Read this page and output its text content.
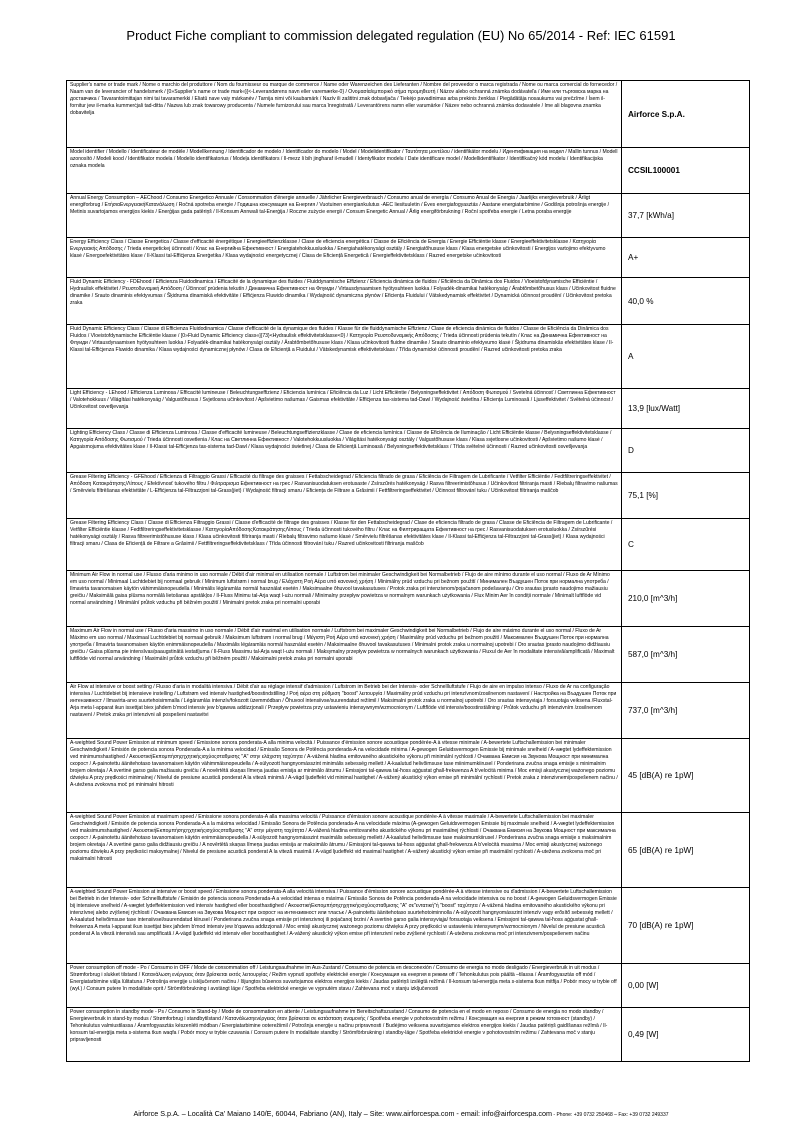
Product Fiche compliant to commission delegated regulation (EU) No 65/2014 - Ref: IEC 61591
Supplier's name or trade mark / Nome o marchio del produttore / Nom du fournisseur ou marque de commerce / Name oder Warenzeichen des Lieferanten / Nombre del proveedor o marca registrada / Nome ou marca comercial do fornecedor / Naam van de leverancier of handelsmerk / [0»Supplier's name or trade mark«]{<-Leverandørens navn eller varemærke-0} / Ονομασία/εμπορικό σήμα προμηθευτή / Názov alebo ochranná známka dodávateľa / Име или търговска марка на доставчика / Tavarantoimittajan nimi tai tavaramerkki / Eliatū nave vaiy márkanév / Tarnija nimi või kaubamärk / Nazív ili zaštitni znak dobavljača / Tiekėjo pavadinimas arba prekinis ženklas / Piegādātāja nosaukums vai prečzīme / Ísem il-fornitur jew il-marka kummerċjali tad-ditta / Nazwa lub znak towarowy producenta / Numele furnizorului sau marca înregistrată / Leverantörens namn eller varumärke / Název nebo ochranná známka dodavatele / Ime ali blagovna znamka dobavitelja	Airforce S.p.A.
Model identifier / Modello / Identificateur de modèle / Modellkennung / Identificador de modelo / Identificador do modelo / Model / Modelidentifikator / Ταυτότητα μοντέλου / identifikátor modelu / Идентификация на модел / Mallin tunnus / Modell azonosító / Modeli kood / Identifikator modela / Modelio identifikatorius / Modeļa identifikators / Il-mezz li bih jingħaraf il-mudell / Identyfikator modelu / Date identificare model / Modellidentifikator / Identifikačný kód modelu / Identifikacijska oznaka modela	CCSIL100001
Annual Energy Consumption – AEChood / Consumo Energetico Annuale / Consommation d'énergie annuelle / Jährlicher Energieverbrauch / Consumo anual de energía / Consumo Anual de Energia / Jaarlijks energieverbruik / Årligt energiforbrug / ΕτήσιαΕνεργειακήΚατανάλωση / Ročná spotreba energie / Годишна консумация на Енергия / Vuotuinen energiankulutus -AEC liesituuletin / Éves energiafogyasztás / Aastane energiatarbimine / Godišnja potrošnja energije / Metinis suvartojamos energijos kiekis / Enerģijas gada patēriņš / Il-Konsum Annwali tal-Enerġija / Roczne zużycie energii / Consum Energetic Annual / Årlig energiförbrukning / Roční spotřeba energie / Letna poraba energije	37,7 [kWh/a]
Energy Efficiency Class / Classe Energetica / Classe d'efficacité énergétique / Energieeffizienzklasse / Clase de eficiencia energética / Classe de Eficiência de Energia / Energie Efficiëntie klasse / Energieeffektivitetsklasse / Κατηγορία Ενεργειακής Απόδοσης / Trieda energetickej účinnosti / Клас на Енергийна Ефективност / Energiatehokkuusluokka / Energiahatékonysági osztály / Energiatõhususe klass / Klasa energetske učinkovitosti / Energijos vartojimo efektyvumo klasė / Energoefektivitātes klase / Il-Klassi tal-Effiċjenza Enerġetika / Klasa wydajności energetycznej / Clasa de Eficiență Energetică / Energieffektivitetsklass / Razred energetske učinkovitosti	A+
Fluid Dynamic Efficiency - FDEhood / Efficienza Fluidodinamica / Efficacité de la dynamique des fluides / Fluiddynamische Effizienz / Eficiencia dinámica de fluidos / Eficiência da Dinâmica dos Fluidos / Vloeistofdynamische Efficiëntie / Hydraulisk effektivitet / Ρευστοδυναμική Απόδοση / Účinnosť prúdenia tekutín / Динамична Ефективност на Флуиди / Virtausdynaamisen hyötysuhteen luokka / Folyadék-dinamikai hatékonyság / Ärabtõmbetõhusus klass / Učinkovitost fluidne dinamike / Srauto dinaminis efektyvumas / Šķidruma dinamiskā efektivitāte / Effiċjenza Fluwido dinamika / Wydajność dynamiczna płynów / Eficiența Fluidului / Vätskedynamisk effektivitet / Dynamická účinnost proudění / Učinkovitost pretoka zraka	40,0 %
Fluid Dynamic Efficiency Class / Classe di Efficienza Fluidodinamica / Classe d'efficacité de la dynamique des fluides / Klasse für die fluiddynamische Effizienz / Clase de eficiencia dinámica de fluidos / Classe de Eficiência da Dinâmica dos Fluidos / Vloeistofdynamische Efficiëntie klasse / [0»Fluid Dynamic Efficiency class«]{73}<Hydraulisk effektivitetsklasse<0} / Κατηγορία Ρευστοδυναμικής Απόδοσης / Trieda účinnosti prúdenia tekutín / Клас на Динамична Ефективност на Флуиди / Virtausdynaamisen hyötysuhteen luokka / Folyadék-dinamikai hatékonysági osztály / Ärabtõmbetõhususe klass / Klasa učinkovitosti fluidne dinamike / Srauto dinaminio efektyvumo klasė / Šķidruma dinamiskās efektivitātes klase / Il-Klassi tal-Effiċjenza Fluwido dinamika / Klasa wydajności dynamicznej płynów / Clasa de Eficiență a Fluidului / Vätskedynamisk effektivitetsklass / Třída dynamické účinnosti proudění / Razred učinkovitosti pretoka zraka	A
Light Efficiency - LEhood / Efficienza Luminosa / Efficacité lumineuse / Beleuchtungseffizienz / Eficiencia lumínica / Eficiência da Luz / Licht Efficiëntie / Belysningseffektivitet / Απόδοση Φωτισμού / Svetelná účinnosť / Светлинна Ефективност / Valotehokkuus / Világítási hatékonyság / Valgustõhusus / Svjetlosna učinkovitost / Apšvietimo našumas / Gaismas efektivitāte / Effiċjenza tas-sistema tad-Dawl / Wydajność świetlna / Eficiența Luminoasă / Ljuseffektivitet / Světelná účinnost / Učinkovitost osvetljevanja	13,9 [lux/Watt]
Lighting Efficiency Class / Classe di Efficienza Luminosa / Classe d'efficacité lumineuse / Beleuchtungseffizienzklasse / Clase de eficiencia lumínica / Classe de Eficiência de Iluminação / Licht Efficiëntie klasse / Belysningseffektivitetsklasse / Κατηγορία Απόδοσης Φωτισμού / Trieda účinnosti osvetlenia / Клас на Светлинна Ефективност / Valotehokkuusluokka / Világítási hatékonysági osztály / Valgustõhususe klass / Klasa svjetlosne učinkovitosti / Apšvietimo našumo klasė / Apgaismojuma efektivitātes klase / Il-Klassi tal-Effiċjenza tas-sistema tad-Dawl / Klasa wydajności świetlnej / Clasa de Eficiență Luminoasă / Belysningseffektivitetsklass / Třída světelné účinnosti / Razred učinkovitosti osvetljevanja	D
Grease Filtering Efficiency - GFEhood / Efficienza di Filtraggio Grassi / Efficacité du filtrage des graisses / Fettabscheidegrad / Eficiencia filtrado de grasa / Eficiência de Filtragem de Lubrificante / Vetfilter Efficiëntie / Fedtfiltreringseffektivitet / Απόδοση Κατακράτησης/Λίπους / Efektívnosť tukového filtru / Φιλτραρισμα Ефективност на грес / Rasvanisuodatuksen erotusaste / Zsírszűrés hatékonyság / Rasva filtreerimistõhusus / Učinkovitost filtriranja masti / Riebalų filtravimo našumas / Smērvielu filtrēšanas efektivitāte / L-Effiċjenza tal-Filtrazzjoni tal-Grass(jiet) / Wydajność filtracji smaru / Eficiența de Filtrare a Grăsimii / Fettfiltreringseffektivitet / Účinnost filtrování tuku / Učinkovitost filtriranja maščob	75,1 [%]
Grease Filtering Efficiency Class / Classe di Efficienza Filtraggio Grassi / Classe d'efficacité de filtrage des graisses / Klasse für den Fettabscheidegrad / Clase de eficiencia filtrado de grasa / Classe de Eficiência de Filtragem de Lubrificante / Vetfilter Efficiëntie klasse / Fedtfiltreringseffektivitetsklasse / ΚατηγορίαΑπόδοσηςΚατακράτησηςΛίπους / Trieda účinnosti tukového filtru / Клас на Филтриращата Ефективност на грес / Rasvanisuodatuksen erotusluokka / Zsírszűrési hatékonysági osztály / Rasva filtreerimistõhususe klass / Klasa učinkovitosti filtriranja masti / Riebalų filtravimo našumo klasė / Smērvielu filtrēšanas efektivitātes klase / Il-Klassi tal-Effiċjenza tal-Filtrazzjoni tal-Grass(jiet) / Klasa wydajności filtracji smaru / Clasa de Eficiență de Filtrare a Grăsimii / Fettfiltreringseffektivitetsklass / Třída účinnosti filtrování tuku / Razred učinkovitosti filtriranja maščob	C
Minimum Air Flow in normal use / Flusso d'aria minimo in uso normale / Débit d'air minimal en utilisation normale / Luftstrom bei minimaler Geschwindigkeit bei Normalbetrieb / Flujo de aire mínimo durante el uso normal / Fluxo de Ar Mínimo em uso normal / Minimaal Luchtdebiet bij normaal gebruik / Minimum luftstrøm i normal brug / Ελάχιστη Ροή Αέρα υπό κανονική χρήση / Minimálny prúd vzduchu pri bežnom použití / Минимален Въздушен Поток при нормална употреба / Ilmavirta tavanomaisen käytön vähimmäisnopeudella / Minimális légáramlás normál használat esetén / Maksimaalne õhuvool tavakasutuses / Protok zraka pri intenzivnom/pojačanom podešavanju / Oro srautas įprasto naudojimo mažiausiu greičiu / Maksimālā gaisa plūsma normālā lietošanas apstākļos / Il-Fluss Minimu tal-Arja waqt l-użu normali / Minimalny przepływ powietrza w normalnym warunkach użytkowania / Flux Minim Aer în condiții normale / Minimalt luftflöde vid normal användning / Minimální průtok vzduchu při běžném použití / Minimalni pretok zraka pri normalni uporabi	210,0 [m^3/h]
Maximum Air Flow in normal use / Flusso d'aria massimo in uso normale / Débit d'air maximal en utilisation normale / Luftstrom bei maximaler Geschwindigkeit bei Normalbetrieb / Flujo de aire máximo durante el uso normal / Fluxo de Ar Máximo em uso normal / Maximaal Luchtdebiet bij normaal gebruik / Maksimum luftstrøm i normal brug / Μέγιστη Ροή Αέρα υπό κανονική χρήση / Maximálny prúd vzduchu pri bežnom použití / Максимален Въздушен Поток при нормална употреба / Ilmavirta tavanomaisen käytön enimmäisnopeudella / Maximális légáramlás normál használat esetén / Maksimaalne õhuvool tavakasutuses / Minimalni protok zraka u normalnoj upotrebi / Oro srautas įprasto naudojimo didžiausiu greičiu / Gaisa plūsma pie intensīvas/paaugstinātā iestatījuma / Il-Fluss Massimu tal-Arja waqt l-użu normali / Maksymalny przepływ powietrza w normalnych warunkach użytkowania / Fluxul de Aer în modalitate intensivă/amplificată / Maximalt luftflöde vid normal användning / Maximální průtok vzduchu při běžném použití / Maksimalni pretok zraka pri normalni uporabi	587,0 [m^3/h]
Air Flow at intensive or boost setting / Flusso d'aria in modalità intensiva / Débit d'air au réglage intensif d'admission / Luftstrom im Betrieb bei der Intensiv- oder Schnellluftstufe / Flujo de aire en impulso intenso / Fluxo de Ar na configuração intensiva / Luchtdebiet bij intensieve instelling / Luftstrøm ved intensiv hastighed/boostindstilling / Ροή αέρα στη ρύθμιση "boost" λειτουργία / Maximálny prúd vzduchu pri intenzívnom/zosilnenom nastavení / Настройка на Въздушен Поток при интензивност / Ilmavirta-arvo suurtehoisimmalla / Légáramlás intenzív/fokozott üzemmódban / Õhuvool intensiivse/suurendatud režiimil / Maksimalni protok zraka u normalnoj upotrebi / Oro srautas intensyviąja / forsuotąja veiksena /Fluxstal-Arja meta l-apparat ikun issettjat biex jaħdem b'mod intensiv jew b'qawwa addizzjonali / Przepływ powietrza przy ustawieniu intensywnym/wzmocnionym / Luftflöde vid intensiv/boostinställning / Průtok vzduchu při intenzivním /zosilnenom nastavení / Pretok zraka pri intenzivni ali pospešeni nastavitvi	737,0 [m^3/h]
A-weighted Sound Power Emission at minimum speed / Emissione sonora ponderata-A alla minima velocità / Puissance d'émission sonore acoustique pondérée-A à vitesse minimale / A-bewertete Luftschallemission bei minimaler Geschwindigkeit / Emisión de potencia sonora Ponderada-A a la mínima velocidad / Emissão Sonora de Potência ponderada-A na velocidade mínima / A-gewogen Geluidsvermogen Emissie bij minimale snelheid / A-vægtet lydeffektemission ved minimumshastighed / ΑκουστικήΕκπομπήσηςηχητικήςισχύοςσταθμισης "A" στην ελάχιστη ταχύτητα / A-vážená hladina emitovaného akustického výkonu při minimální rychlosti / Очаквана Емисия на Звукова Мощност при минимална скорост / A-painotettu äänitehotaso tavanomaisen käytön vähimmäisnopeudella / A-súlyozott hangnyomásszint minimális sebesség mellett / A-kaalutud helivõimsuse tase miinimumkiirusel / Ponderirana zvučna snaga emisije s minimalnim brojem okretaja / A svertinė garso galia mažiausiu greičiu / A novērtētā skaņas līmeņa jaudas emisija ar minimālo ātrumu / Emissjoni tal-qawwa tal-ħoss aġġustat għall-frekwenza A b'veloċità minima / Moc emisji akustycznej ważonego poziomu dźwięku A przy prędkości minimalnej / Nivelul de presiune acustică ponderat A la viteză minimă / A-vägd ljudeffekt vid minimal hastighet / A-vážený akustický výkon emise při minimální rychlosti / Pretok zraka z intenzivnem/pospešenem načinu / A-utežena zvokovna moč pri minimalni hitrosti	45 [dB(A) re 1pW]
A-weighted Sound Power Emission at maximum speed / Emissione sonora ponderata-A alla massima velocità / Puissance d'émission sonore acoustique pondérée-A à vitesse maximale / A-bewertete Luftschallemission bei maximaler Geschwindigkeit / Emisión de potencia sonora Ponderada-A a la máxima velocidad / Emissão Sonora de Potência ponderada-A na velocidade máxima (A-gewogen Geluidsvermogen Emissie bij maximale snelheid / A-vægtet lydeffektemission ved maksimumshastighed / ΑκουστικήΕκπομπήσηςηχητικήςισχύοςσταθμισης "A" στην μέγιστη ταχύτητα / A-vážená hladina emitovaného akustického výkonu pri maximálnej rýchlosti / Очаквана Емисия на Звукова Мощност при максимална скорост / A-painotettu äänitehotaso tavanomaisen käytön enimmäisnopeudella / A-súlyozott hangnyomásszint maximális sebesség mellett / A-kaalutud helivõimsuse tase maksimumkiirusel / Ponderirana zvučna snaga emisije s maksimalnim brojem okretaja / A svertinė garso galia didžiausiu greičiu / A novērtētā skaņas līmeņa jaudas emisija ar maksimālo ātrumu / Emissjoni tal-qawwa tal-ħoss aġġustat għall-frekwenza A b'veloċità massima / Moc emisji akustycznej ważonego poziomu dźwięku A przy prędkości maksymalnej / Nivelul de presiune acustică ponderat A la viteză maximă / A-vägd ljudeffekt vid maximal hastighet / A-vážený akustický výkon emise při maximální rychlosti / A-utežena zvokovna moč pri maksimalni hitrosti	65 [dB(A) re 1pW]
A-weighted Sound Power Emission at intensive or boost speed / Emissione sonora ponderata-A alla velocità intensiva / Puissance d'émission sonore acoustique pondérée-A à vitesse intensive ou d'admission / A-bewertete Luftschallemission bei Betrieb in der Intensiv- oder Schnellluftstufe / Emisión de potencia sonora Ponderada-A a velocidad intensa o máxima / Emissão Sonora de Potência ponderada-A na velocidade intensiva ou no boost / A-gewogen Geluidsvermogen Emissie bij intensieve snelheid / A-vægtet lydeffektemission ved intensiv hastighed eller boosthastighed / ΑκουστικήΕκπομπήσηςηχητικήςισχύοςσταθμισης "A" σε"εντατική"ή "boost" ταχύτητα / A-vážená hladina emitovaného akustického výkonu pri intenzívnej alebo zvýšenej rýchlosti / Очаквана Емисия на Звукова Мощност при скорост на интензивност или тласък / A-painotettu äänitehotaso suurtehotoiminnolla / A-súlyozott hangnyomásszint intenzív vagy erősítő sebesség mellett / A-kaalutud helivõimsuse tase intensiivsel/suurendatud kiirusel / Ponderirana zvučna snaga emisije pri intenzivnoj ili pojačanoj brzini / A svertinė garso galia intensyviąja/ forsuotąja veiksena / Emissjoni tal-qawwa tal-ħoss aġġustat għall-frekwenza A meta l-apparat ikun issettjat biex jaħdem b'mod intensiv jew b'qawwa addizzjonali / Moc emisji akustycznej ważonego poziomu dźwięku A przy prędkości w ustawieniu intensywnym/wzmocnionym / Nivelul de presiune acustică ponderat A la viteză intensivă sau amplificată / A-vägd ljudeffekt vid intensiv eller boosthastighet / A-vážený akustický výkon emise při intenzivní nebo zvýšené rychlosti / A-utežena zvokovna moč pri intenzivnem/pospešenem načinu	70 [dB(A) re 1pW]
Power consumption off mode - Po / Consumo in OFF / Mode de consommation off / Leistungsaufnahme im Aus-Zustand / Consumo de potencia en desconexión / Consumo de energia no modo desligado / Energieverbruik in uit modus / Strømforbrug i slukket tilstand / Κατανάλωση ενέργειας όταν βρίσκεται εκτός λειτουργίας / Režim vypnutí spotřeby elektrické energie / Консумация на енергия в режим off / Tehonkulutus pois päältä –tilassa / Áramfogyasztás off mód / Energiatarbimine välja lülitatuna / Potrošnja energije u isključenom načinu / Išjungtos būsenos suvartojamos elektros energijos kiekis / Jaudas patēriņš izslēgtā režīmā / Il-konsum tal-enerġija meta s-sistema tkun mitfija / Pobór mocy w trybie off (wył.) / Consum putere în modalitate oprit / Strömförbrukning i avstängt läge / Spotřeba elektrické energie ve vypnutém stavu / Zahtevana moč v stanju izključenosti	0,00 [W]
Power consumption in standby mode - Ps / Consumo in Stand-by / Mode de consommation en attente / Leistungsaufnahme im Bereitschaftszustand / Consumo de potencia en el modo en reposo / Consumo de energia no modo standby / Energieverbruik in stand-by modus / Strømforbrug i standbytilstand / Κατανάλωσηενέργειας όταν βρίσκεται σε κατάσταση αναμονής / Spotřeba energie v pohotovostním režimu / Консумация на енергия в режим готовност (standby) / Tehonkulutus valmiustilassa / Áramfogyasztás készenléti módban / Energiatarbimine ooterežiimil / Potrošnja energije u načinu pripravnosti / Budėjimo veiksena suvartojamos elektros energijos kiekis / Jaudas patēriņš gaidīšanas režīmā / Il-konsum tal-enerġija meta s-sistema tkun waqfa / Pobór mocy w trybie czuwania / Consum putere în modalitate standby / Strömförbrukning i standby-läge / Spotřeba elektrické energie v pohotovostním režimu / Zahtevana moč v stanju pripravljenosti	0,49 [W]
Airforce S.p.A. – Località Ca' Maiano 140/E, 60044, Fabriano (AN), Italy – Site: www.airforcespa.com - email: info@airforcespa.com - Phone: +39 0732 250468 – Fax: +39 0732 249337
